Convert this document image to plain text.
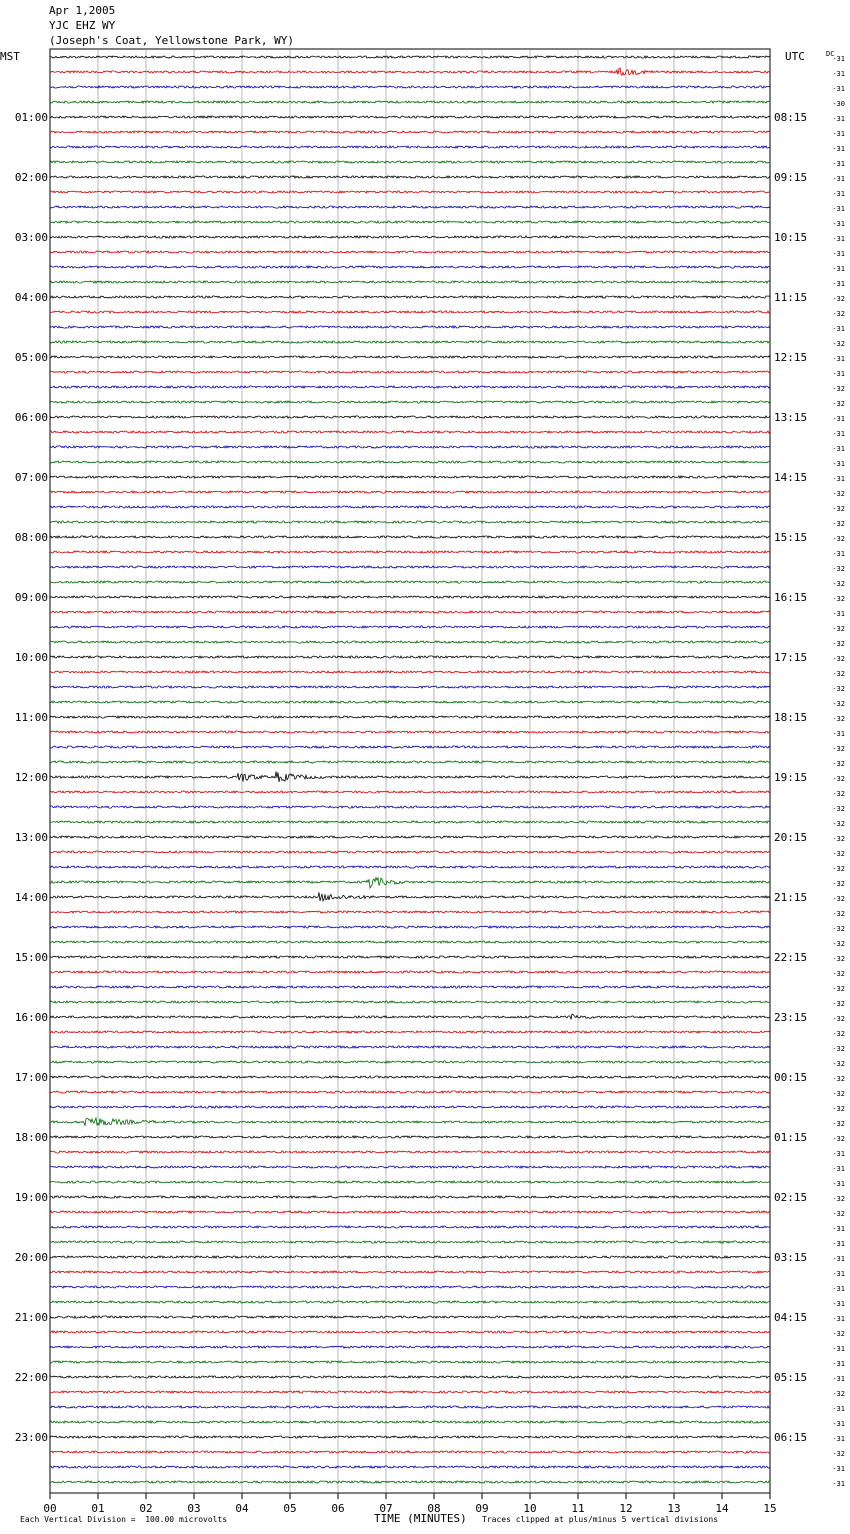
Apr 1,2005
YJC EHZ WY
(Joseph's Coat, Yellowstone Park, WY)
MST	UTC	DC
00	01	02	03	04	05	06	07	08	09	10	11	12	13	14	15
-31
-31
-31
-30
-31
-31
-31
-31
-31
-31
-31
-31
-31
-31
-31
-31
-32
-32
-31
-32
-31
-31
-32
-32
-31
-31
-31
-31
-31
-32
-32
-32
-32
-31
-32
-32
-32
-31
-32
-32
-32
-32
-32
-32
-32
-31
-32
-32
-32
-32
-32
-32
-32
-32
-32
-32
-32
-32
-32
-32
-32
-32
-32
-32
-32
-32
-32
-32
-32
-32
-32
-32
-32
-31
-31
-31
-32
-32
-31
-31
-31
-31
-31
-31
-31
-32
-31
-31
-31
-32
-31
-31
-31
-32
-31
-31
01:00
02:00
03:00
04:00
05:00
06:00
07:00
08:00
09:00
10:00
11:00
12:00
13:00
14:00
15:00
16:00
17:00
18:00
19:00
20:00
21:00
22:00
23:00
08:15
09:15
10:15
11:15
12:15
13:15
14:15
15:15
16:15
17:15
18:15
19:15
20:15
21:15
22:15
23:15
00:15
01:15
02:15
03:15
04:15
05:15
06:15
Each Vertical Division =  100.00 microvolts	TIME (MINUTES) Traces clipped at plus/minus 5 vertical divisions
